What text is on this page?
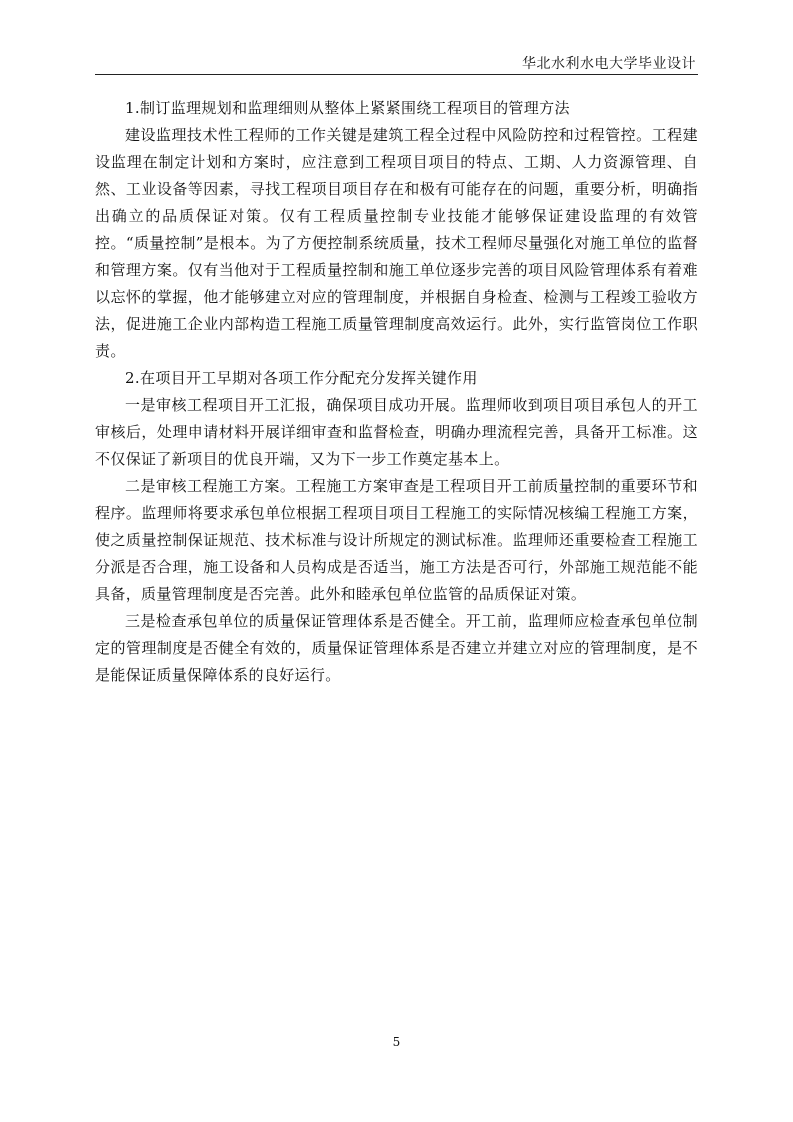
华北水利水电大学毕业设计

1.制订监理规划和监理细则从整体上紧紧围绕工程项目的管理方法

建设监理技术性工程师的工作关键是建筑工程全过程中风险防控和过程管控。工程建设监理在制定计划和方案时，应注意到工程项目项目的特点、工期、人力资源管理、自然、工业设备等因素，寻找工程项目项目存在和极有可能存在的问题，重要分析，明确指出确立的品质保证对策。仅有工程质量控制专业技能才能够保证建设监理的有效管控。“质量控制”是根本。为了方便控制系统质量，技术工程师尽量强化对施工单位的监督和管理方案。仅有当他对于工程质量控制和施工单位逐步完善的项目风险管理体系有着难以忘怀的掌握，他才能够建立对应的管理制度，并根据自身检查、检测与工程竣工验收方法，促进施工企业内部构造工程施工质量管理制度高效运行。此外，实行监管岗位工作职责。

2.在项目开工早期对各项工作分配充分发挥关键作用

一是审核工程项目开工汇报，确保项目成功开展。监理师收到项目项目承包人的开工审核后，处理申请材料开展详细审查和监督检查，明确办理流程完善，具备开工标准。这不仅保证了新项目的优良开端，又为下一步工作奠定基本上。

二是审核工程施工方案。工程施工方案审查是工程项目开工前质量控制的重要环节和程序。监理师将要求承包单位根据工程项目项目工程施工的实际情况核编工程施工方案，使之质量控制保证规范、技术标准与设计所规定的测试标准。监理师还重要检查工程施工分派是否合理，施工设备和人员构成是否适当，施工方法是否可行，外部施工规范能不能具备，质量管理制度是否完善。此外和睦承包单位监管的品质保证对策。

三是检查承包单位的质量保证管理体系是否健全。开工前，监理师应检查承包单位制定的管理制度是否健全有效的，质量保证管理体系是否建立并建立对应的管理制度，是不是能保证质量保障体系的良好运行。

5
